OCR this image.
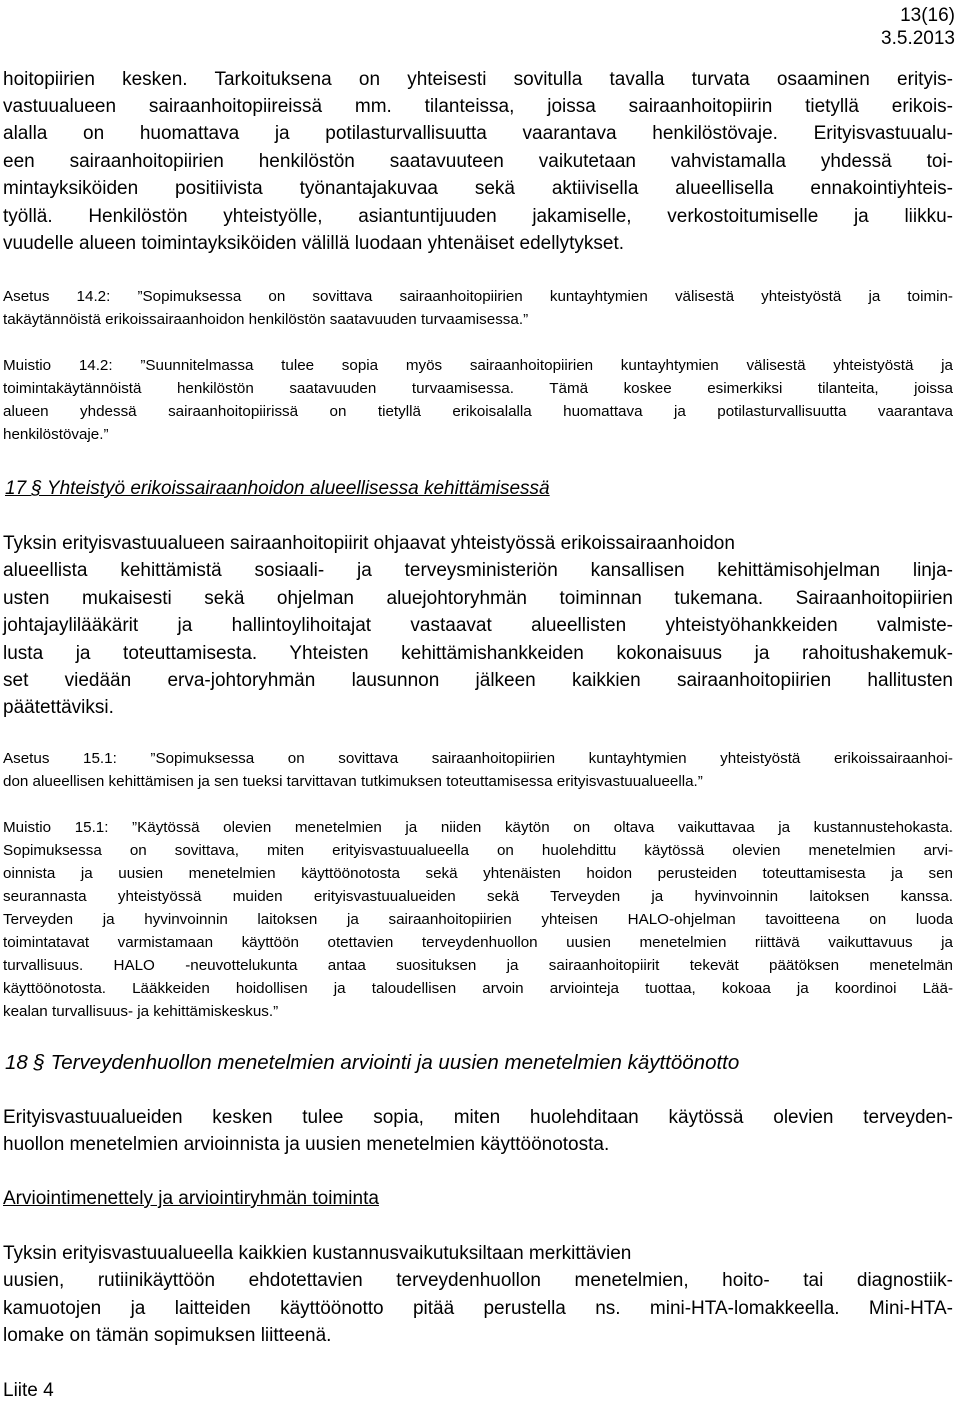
13(16)
3.5.2013
hoitopiirien kesken. Tarkoituksena on yhteisesti sovitulla tavalla turvata osaaminen erityis-
vastuualueen sairaanhoitopiireissä mm. tilanteissa, joissa sairaanhoitopiirin tietyllä erikois-
alalla on huomattava ja potilasturvallisuutta vaarantava henkilöstövaje. Erityisvastuualu-
een sairaanhoitopiirien henkilöstön saatavuuteen vaikutetaan vahvistamalla yhdessä toi-
mintayksiköiden positiivista työnantajakuvaa sekä aktiivisella alueellisella ennakointiyhteis-
työllä. Henkilöstön yhteistyölle, asiantuntijuuden jakamiselle, verkostoitumiselle ja liikku-
vuudelle alueen toimintayksiköiden välillä luodaan yhtenäiset edellytykset.
Asetus 14.2: ”Sopimuksessa on sovittava sairaanhoitopiirien kuntayhtymien välisestä yhteistyöstä ja toimin-
takäytännöistä erikoissairaanhoidon henkilöstön saatavuuden turvaamisessa.”
Muistio 14.2: ”Suunnitelmassa tulee sopia myös sairaanhoitopiirien kuntayhtymien välisestä yhteistyöstä ja
toimintakäytännöistä henkilöstön saatavuuden turvaamisessa. Tämä koskee esimerkiksi tilanteita, joissa
alueen yhdessä sairaanhoitopiirissä on tietyllä erikoisalalla huomattava ja potilasturvallisuutta vaarantava
henkilöstövaje.”
17 § Yhteistyö erikoissairaanhoidon alueellisessa kehittämisessä
Tyksin erityisvastuualueen sairaanhoitopiirit ohjaavat yhteistyössä erikoissairaanhoidon
alueellista kehittämistä sosiaali- ja terveysministeriön kansallisen kehittämisohjelman linja-
usten mukaisesti sekä ohjelman aluejohtoryhmän toiminnan tukemana. Sairaanhoitopiirien
johtajaylilääkärit ja hallintoylihoitajat vastaavat alueellisten yhteistyöhankkeiden valmiste-
lusta ja toteuttamisesta. Yhteisten kehittämishankkeiden kokonaisuus ja rahoitushakemuk-
set viedään erva-johtoryhmän lausunnon jälkeen kaikkien sairaanhoitopiirien hallitusten
päätettäviksi.
Asetus 15.1: ”Sopimuksessa on sovittava sairaanhoitopiirien kuntayhtymien yhteistyöstä erikoissairaanhoi-
don alueellisen kehittämisen ja sen tueksi tarvittavan tutkimuksen toteuttamisessa erityisvastuualueella.”
Muistio 15.1: ”Käytössä olevien menetelmien ja niiden käytön on oltava vaikuttavaa ja kustannustehokasta.
Sopimuksessa on sovittava, miten erityisvastuualueella on huolehdittu käytössä olevien menetelmien arvi-
oinnista ja uusien menetelmien käyttöönotosta sekä yhtenäisten hoidon perusteiden toteuttamisesta ja sen
seurannasta yhteistyössä muiden erityisvastuualueiden sekä Terveyden ja hyvinvoinnin laitoksen kanssa.
Terveyden ja hyvinvoinnin laitoksen ja sairaanhoitopiirien yhteisen HALO-ohjelman tavoitteena on luoda
toimintatavat varmistamaan käyttöön otettavien terveydenhuollon uusien menetelmien riittävä vaikuttavuus ja
turvallisuus. HALO -neuvottelukunta antaa suosituksen ja sairaanhoitopiirit tekevät päätöksen menetelmän
käyttöönotosta. Lääkkeiden hoidollisen ja taloudellisen arvoin arviointeja tuottaa, kokoaa ja koordinoi Lää-
kealan turvallisuus- ja kehittämiskeskus.”
18 § Terveydenhuollon menetelmien arviointi ja uusien menetelmien käyttöönotto
Erityisvastuualueiden kesken tulee sopia, miten huolehditaan käytössä olevien terveyden-
huollon menetelmien arvioinnista ja uusien menetelmien käyttöönotosta.
Arviointimenettely ja arviointiryhmän toiminta
Tyksin erityisvastuualueella kaikkien kustannusvaikutuksiltaan merkittävien
uusien, rutiinikäyttöön ehdotettavien terveydenhuollon menetelmien, hoito- tai diagnostiik-
kamuotojen ja laitteiden käyttöönotto pitää perustella ns. mini-HTA-lomakkeella. Mini-HTA-
lomake on tämän sopimuksen liitteenä.
Liite 4
